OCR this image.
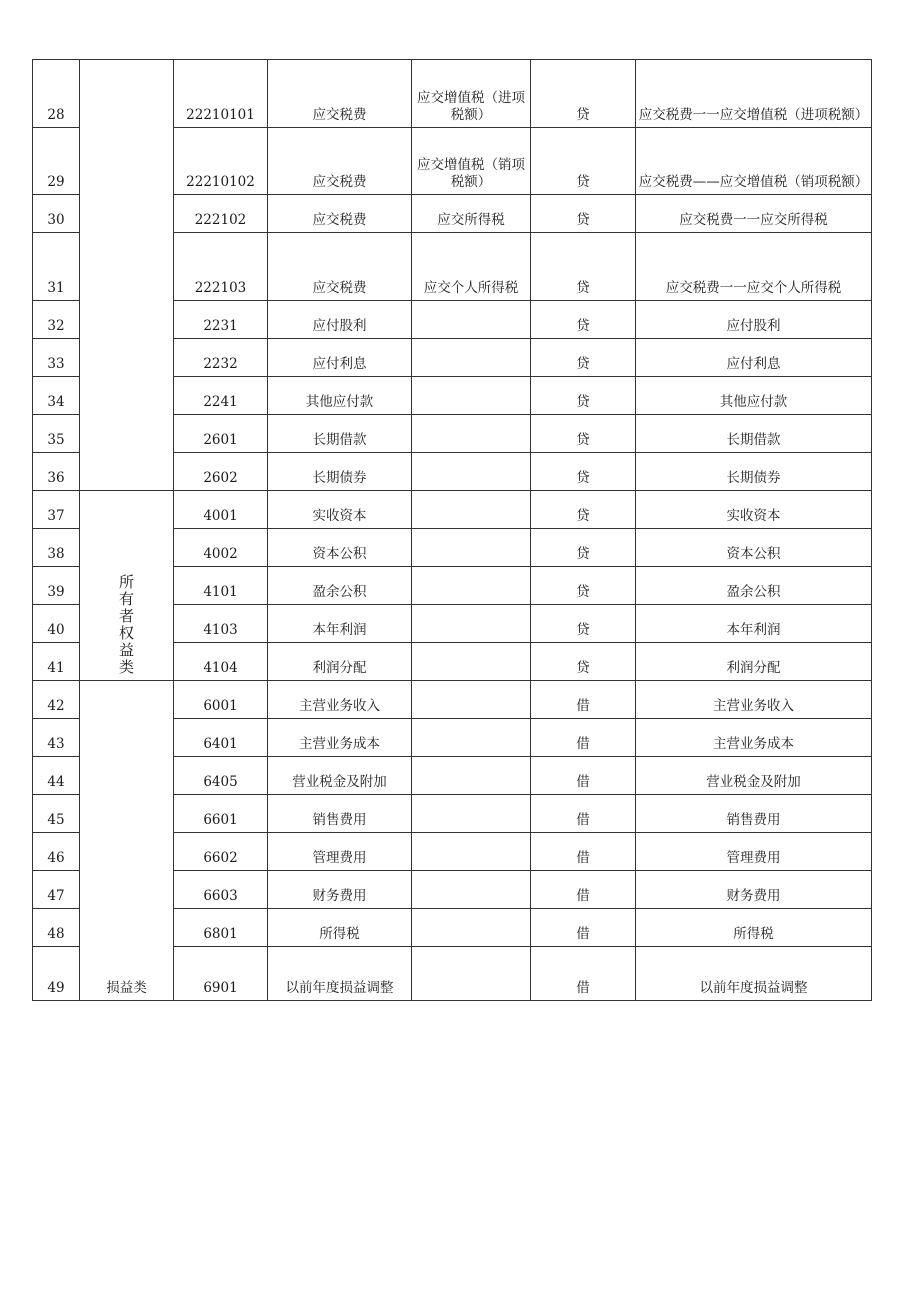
28		22210101	应交税费	应交增值税（进项税额）	贷	应交税费一一应交增值税（进项税额）
29		22210102	应交税费	应交增值税（销项税额）	贷	应交税费——应交增值税（销项税额）
30		222102	应交税费	应交所得税	贷	应交税费一一应交所得税
31		222103	应交税费	应交个人所得税	贷	应交税费一一应交个人所得税
32		2231	应付股利		贷	应付股利
33		2232	应付利息		贷	应付利息
34		2241	其他应付款		贷	其他应付款
35		2601	长期借款		贷	长期借款
36		2602	长期债券		贷	长期债券
37	所有者权益类	4001	实收资本		贷	实收资本
38		4002	资本公积		贷	资本公积
39		4101	盈余公积		贷	盈余公积
40		4103	本年利润		贷	本年利润
41		4104	利润分配		贷	利润分配
42	损益类	6001	主营业务收入		借	主营业务收入
43		6401	主营业务成本		借	主营业务成本
44		6405	营业税金及附加		借	营业税金及附加
45		6601	销售费用		借	销售费用
46		6602	管理费用		借	管理费用
47		6603	财务费用		借	财务费用
48		6801	所得税		借	所得税
49		6901	以前年度损益调整		借	以前年度损益调整
